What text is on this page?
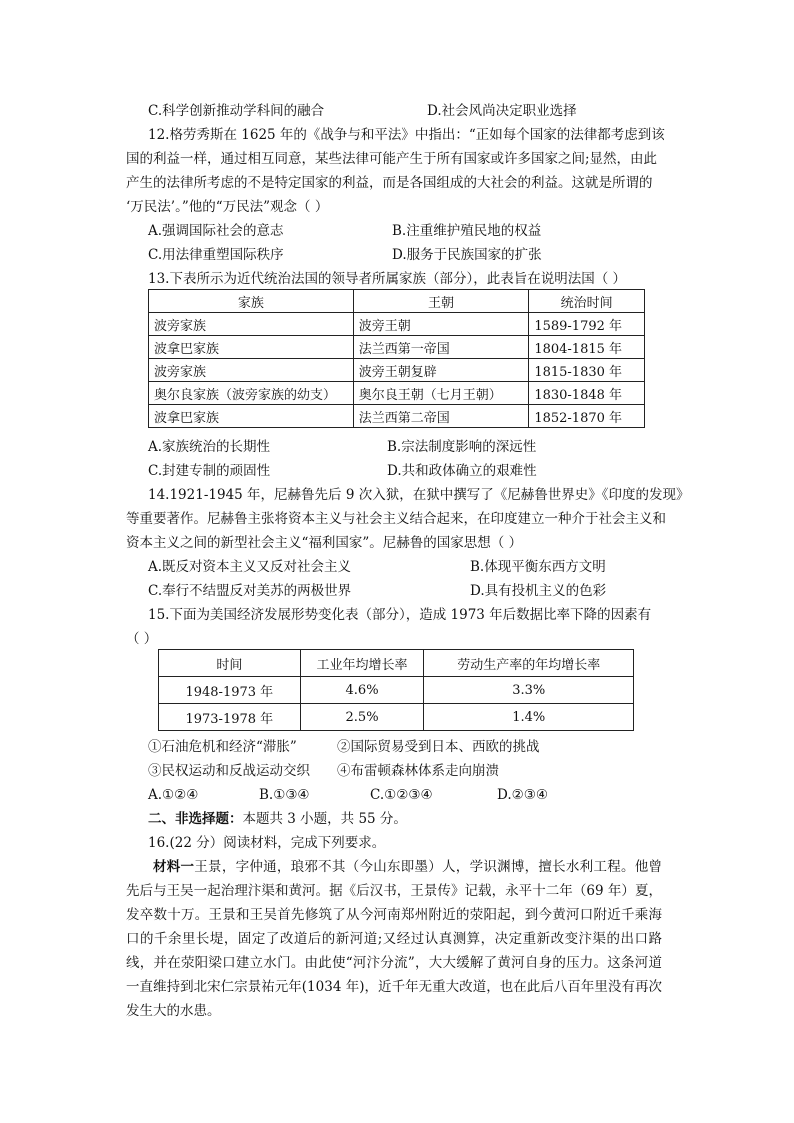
C.科学创新推动学科间的融合	D.社会风尚决定职业选择
12.格劳秀斯在 1625 年的《战争与和平法》中指出：“正如每个国家的法律都考虑到该
国的利益一样，通过相互同意，某些法律可能产生于所有国家或许多国家之间;显然，由此
产生的法律所考虑的不是特定国家的利益，而是各国组成的大社会的利益。这就是所谓的
‘万民法’。”他的“万民法”观念（ ）
A.强调国际社会的意志	B.注重维护殖民地的权益
C.用法律重塑国际秩序	D.服务于民族国家的扩张
13.下表所示为近代统治法国的领导者所属家族（部分），此表旨在说明法国（ ）
家族	王朝	统治时间
波旁家族	波旁王朝	1589-1792 年
波拿巴家族	法兰西第一帝国	1804-1815 年
波旁家族	波旁王朝复辟	1815-1830 年
奥尔良家族（波旁家族的幼支）	奥尔良王朝（七月王朝）	1830-1848 年
波拿巴家族	法兰西第二帝国	1852-1870 年
A.家族统治的长期性	B.宗法制度影响的深远性
C.封建专制的顽固性	D.共和政体确立的艰难性
14.1921-1945 年，尼赫鲁先后 9 次入狱，在狱中撰写了《尼赫鲁世界史》《印度的发现》
等重要著作。尼赫鲁主张将资本主义与社会主义结合起来，在印度建立一种介于社会主义和
资本主义之间的新型社会主义“福利国家”。尼赫鲁的国家思想（ ）
A.既反对资本主义又反对社会主义	B.体现平衡东西方文明
C.奉行不结盟反对美苏的两极世界	D.具有投机主义的色彩
15.下面为美国经济发展形势变化表（部分），造成 1973 年后数据比率下降的因素有
（ ）
时间	工业年均增长率	劳动生产率的年均增长率
1948-1973 年	4.6%	3.3%
1973-1978 年	2.5%	1.4%
①石油危机和经济“滞胀”	②国际贸易受到日本、西欧的挑战
③民权运动和反战运动交织 ④布雷顿森林体系走向崩溃
A.①②④	B.①③④	C.①②③④	D.②③④
二、非选择题：本题共 3 小题，共 55 分。
16.(22 分）阅读材料，完成下列要求。
材料一王景，字仲通，琅邪不其（今山东即墨）人，学识渊博，擅长水利工程。他曾先后与王吴一起治理汴渠和黄河。据《后汉书，王景传》记载，永平十二年（69 年）夏，发卒数十万。王景和王吴首先修筑了从今河南郑州附近的荥阳起，到今黄河口附近千乘海口的千余里长堤，固定了改道后的新河道;又经过认真测算，决定重新改变汴渠的出口路线，并在荥阳梁口建立水门。由此使“河汴分流”，大大缓解了黄河自身的压力。这条河道一直维持到北宋仁宗景祐元年(1034 年)，近千年无重大改道，也在此后八百年里没有再次发生大的水患。
